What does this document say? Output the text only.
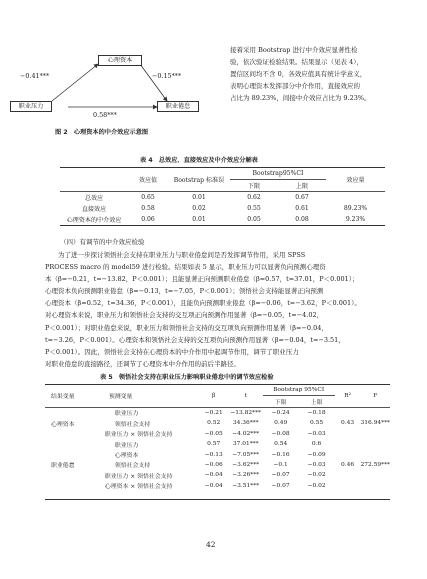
心理资本
职业压力	职业倦怠
−0.41***	−0.15***
0.58***
图 2　心理资本的中介效应示意图
接着采用 Bootstrap 进行中介效应显著性检
验，依次验证检验结果。结果显示（见表 4），
置信区间均不含 0，各效应值具有统计学意义，
表明心理资本发挥部分中介作用，直接效应的
占比为 89.23%，间接中介效应占比为 9.23%。
表 4　总效应、直接效应及中介效应分解表
	效应值	Bootstrap 标准误	Bootstrap95%CI		效应量
			下限	上限	
总效应	0.65	0.01	0.62	0.67	
直接效应	0.58	0.02	0.55	0.61	89.23%
心理资本的中介效应	0.06	0.01	0.05	0.08	9.23%
（四）有调节的中介效应检验
　　为了进一步探讨领悟社会支持在职业压力与职业倦怠间是否发挥调节作用，采用 SPSS
PROCESS macro 的 model59 进行检验。结果如表 5 显示，职业压力可以显著负向预测心理资
本（β=−0.21，t=−13.82，P＜0.001）；且能显著正向预测职业倦怠（β=0.57，t=37.01，P＜0.001）；
心理资本负向预测职业倦怠（β=−0.13，t=−7.05，P＜0.001）；领悟社会支持能显著正向预测
心理资本（β=0.52，t=34.36，P＜0.001），且能负向预测职业倦怠（β=−0.06，t=−3.62，P＜0.001）。
对心理资本来说，职业压力和领悟社会支持的交互项正向预测作用显著（β=−0.05，t=−4.02，
P＜0.001）；对职业倦怠来说，职业压力和领悟社会支持的交互项负向预测作用显著（β=−0.04，
t=−3.26，P＜0.001）。心理资本和领悟社会支持的交互项负向预测作用显著（β=−0.04，t=−3.51，
P＜0.001）。因此，领悟社会支持在心理资本的中介作用中起调节作用，调节了职业压力
对职业倦怠的直接路径，还调节了心理资本中介作用的前后半路径。
表 5　领悟社会支持在职业压力影响职业倦怠中的调节效应检验
结果变量	预测变量	β	t	Bootstrap 95%CI		R²	F
				下限	上限		
心理资本	职业压力	−0.21	−13.82***	−0.24	−0.18	0.43	316.94***
	领悟社会支持	0.52	34.36***	0.49	0.55		
	职业压力 × 领悟社会支持	−0.05	−4.02***	−0.08	−0.03		
职业倦怠	职业压力	0.57	37.01***	0.54	0.6	0.46	272.59***
	心理资本	−0.13	−7.05***	−0.16	−0.09		
	领悟社会支持	−0.06	−3.62***	−0.1	−0.03		
	职业压力 × 领悟社会支持	−0.04	−3.26***	−0.07	−0.02		
	心理资本 × 领悟社会支持	−0.04	−3.51***	−0.07	−0.02		
42
